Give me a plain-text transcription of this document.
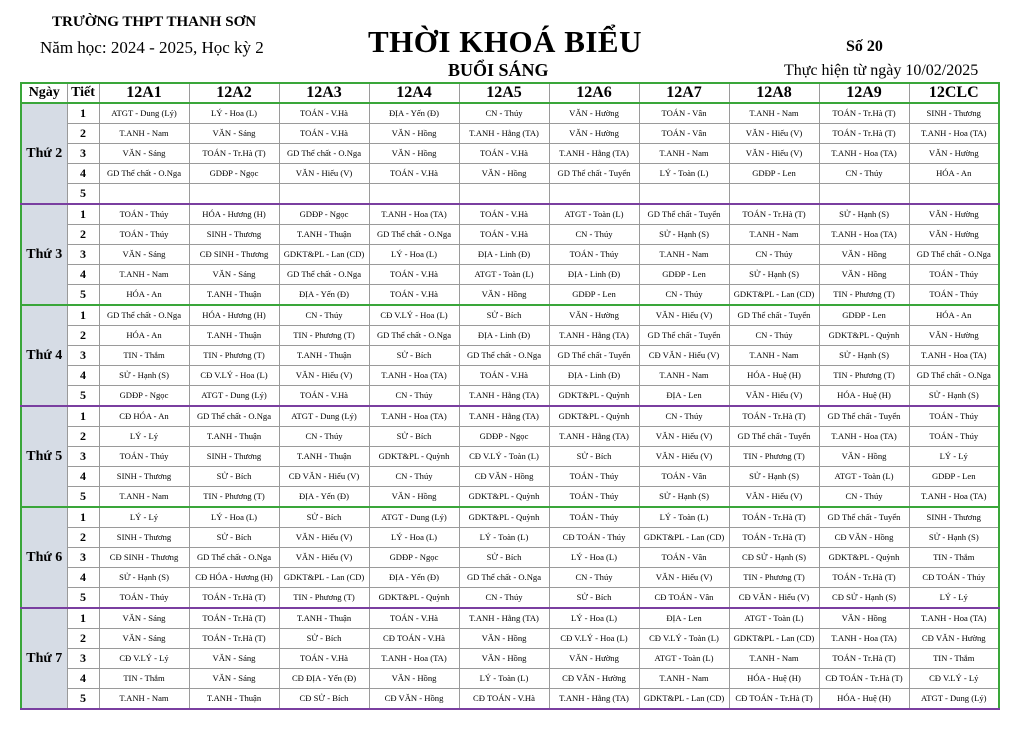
TRƯỜNG THPT THANH SƠN
Năm học: 2024 - 2025, Học kỳ 2	THỜI KHOÁ BIỂU
BUỔI SÁNG
Số 20
Thực hiện từ ngày 10/02/2025
Ngày	Tiết	12A1	12A2	12A3	12A4	12A5	12A6	12A7	12A8	12A9	12CLC
Thứ 2	1	ATGT - Dung (Lý)	LÝ - Hoa (L)	TOÁN - V.Hà	ĐỊA - Yến (Đ)	CN - Thúy	VĂN - Hường	TOÁN - Vân	T.ANH - Nam	TOÁN - Tr.Hà (T)	SINH - Thương
	2	T.ANH - Nam	VĂN - Sáng	TOÁN - V.Hà	VĂN - Hồng	T.ANH - Hằng (TA)	VĂN - Hường	TOÁN - Vân	VĂN - Hiếu (V)	TOÁN - Tr.Hà (T)	T.ANH - Hoa (TA)
	3	VĂN - Sáng	TOÁN - Tr.Hà (T)	GD Thể chất - O.Nga	VĂN - Hồng	TOÁN - V.Hà	T.ANH - Hằng (TA)	T.ANH - Nam	VĂN - Hiếu (V)	T.ANH - Hoa (TA)	VĂN - Hường
	4	GD Thể chất - O.Nga	GDĐP - Ngọc	VĂN - Hiếu (V)	TOÁN - V.Hà	VĂN - Hồng	GD Thể chất - Tuyển	LÝ - Toàn (L)	GDĐP - Len	CN - Thúy	HÓA - An
	5										
Thứ 3	1	TOÁN - Thúy	HÓA - Hương (H)	GDĐP - Ngọc	T.ANH - Hoa (TA)	TOÁN - V.Hà	ATGT - Toàn (L)	GD Thể chất - Tuyển	TOÁN - Tr.Hà (T)	SỬ - Hạnh (S)	VĂN - Hường
	2	TOÁN - Thúy	SINH - Thương	T.ANH - Thuận	GD Thể chất - O.Nga	TOÁN - V.Hà	CN - Thúy	SỬ - Hạnh (S)	T.ANH - Nam	T.ANH - Hoa (TA)	VĂN - Hường
	3	VĂN - Sáng	CĐ SINH - Thương	GDKT&PL - Lan (CD)	LÝ - Hoa (L)	ĐỊA - Linh (Đ)	TOÁN - Thúy	T.ANH - Nam	CN - Thúy	VĂN - Hồng	GD Thể chất - O.Nga
	4	T.ANH - Nam	VĂN - Sáng	GD Thể chất - O.Nga	TOÁN - V.Hà	ATGT - Toàn (L)	ĐỊA - Linh (Đ)	GDĐP - Len	SỬ - Hạnh (S)	VĂN - Hồng	TOÁN - Thúy
	5	HÓA - An	T.ANH - Thuận	ĐỊA - Yến (Đ)	TOÁN - V.Hà	VĂN - Hồng	GDĐP - Len	CN - Thúy	GDKT&PL - Lan (CD)	TIN - Phương (T)	TOÁN - Thúy
Thứ 4	1	GD Thể chất - O.Nga	HÓA - Hương (H)	CN - Thúy	CĐ V.LÝ - Hoa (L)	SỬ - Bích	VĂN - Hường	VĂN - Hiếu (V)	GD Thể chất - Tuyển	GDĐP - Len	HÓA - An
	2	HÓA - An	T.ANH - Thuận	TIN - Phương (T)	GD Thể chất - O.Nga	ĐỊA - Linh (Đ)	T.ANH - Hằng (TA)	GD Thể chất - Tuyển	CN - Thúy	GDKT&PL - Quỳnh	VĂN - Hường
	3	TIN - Thắm	TIN - Phương (T)	T.ANH - Thuận	SỬ - Bích	GD Thể chất - O.Nga	GD Thể chất - Tuyển	CĐ VĂN - Hiếu (V)	T.ANH - Nam	SỬ - Hạnh (S)	T.ANH - Hoa (TA)
	4	SỬ - Hạnh (S)	CĐ V.LÝ - Hoa (L)	VĂN - Hiếu (V)	T.ANH - Hoa (TA)	TOÁN - V.Hà	ĐỊA - Linh (Đ)	T.ANH - Nam	HÓA - Huệ (H)	TIN - Phương (T)	GD Thể chất - O.Nga
	5	GDĐP - Ngọc	ATGT - Dung (Lý)	TOÁN - V.Hà	CN - Thúy	T.ANH - Hằng (TA)	GDKT&PL - Quỳnh	ĐỊA - Len	VĂN - Hiếu (V)	HÓA - Huệ (H)	SỬ - Hạnh (S)
Thứ 5	1	CĐ HÓA - An	GD Thể chất - O.Nga	ATGT - Dung (Lý)	T.ANH - Hoa (TA)	T.ANH - Hằng (TA)	GDKT&PL - Quỳnh	CN - Thúy	TOÁN - Tr.Hà (T)	GD Thể chất - Tuyển	TOÁN - Thúy
	2	LÝ - Lý	T.ANH - Thuận	CN - Thúy	SỬ - Bích	GDĐP - Ngọc	T.ANH - Hằng (TA)	VĂN - Hiếu (V)	GD Thể chất - Tuyển	T.ANH - Hoa (TA)	TOÁN - Thúy
	3	TOÁN - Thúy	SINH - Thương	T.ANH - Thuận	GDKT&PL - Quỳnh	CĐ V.LÝ - Toàn (L)	SỬ - Bích	VĂN - Hiếu (V)	TIN - Phương (T)	VĂN - Hồng	LÝ - Lý
	4	SINH - Thương	SỬ - Bích	CĐ VĂN - Hiếu (V)	CN - Thúy	CĐ VĂN - Hồng	TOÁN - Thúy	TOÁN - Vân	SỬ - Hạnh (S)	ATGT - Toàn (L)	GDĐP - Len
	5	T.ANH - Nam	TIN - Phương (T)	ĐỊA - Yến (Đ)	VĂN - Hồng	GDKT&PL - Quỳnh	TOÁN - Thúy	SỬ - Hạnh (S)	VĂN - Hiếu (V)	CN - Thúy	T.ANH - Hoa (TA)
Thứ 6	1	LÝ - Lý	LÝ - Hoa (L)	SỬ - Bích	ATGT - Dung (Lý)	GDKT&PL - Quỳnh	TOÁN - Thúy	LÝ - Toàn (L)	TOÁN - Tr.Hà (T)	GD Thể chất - Tuyển	SINH - Thương
	2	SINH - Thương	SỬ - Bích	VĂN - Hiếu (V)	LÝ - Hoa (L)	LÝ - Toàn (L)	CĐ TOÁN - Thúy	GDKT&PL - Lan (CD)	TOÁN - Tr.Hà (T)	CĐ VĂN - Hồng	SỬ - Hạnh (S)
	3	CĐ SINH - Thương	GD Thể chất - O.Nga	VĂN - Hiếu (V)	GDĐP - Ngọc	SỬ - Bích	LÝ - Hoa (L)	TOÁN - Vân	CĐ SỬ - Hạnh (S)	GDKT&PL - Quỳnh	TIN - Thắm
	4	SỬ - Hạnh (S)	CĐ HÓA - Hương (H)	GDKT&PL - Lan (CD)	ĐỊA - Yến (Đ)	GD Thể chất - O.Nga	CN - Thúy	VĂN - Hiếu (V)	TIN - Phương (T)	TOÁN - Tr.Hà (T)	CĐ TOÁN - Thúy
	5	TOÁN - Thúy	TOÁN - Tr.Hà (T)	TIN - Phương (T)	GDKT&PL - Quỳnh	CN - Thúy	SỬ - Bích	CĐ TOÁN - Vân	CĐ VĂN - Hiếu (V)	CĐ SỬ - Hạnh (S)	LÝ - Lý
Thứ 7	1	VĂN - Sáng	TOÁN - Tr.Hà (T)	T.ANH - Thuận	TOÁN - V.Hà	T.ANH - Hằng (TA)	LÝ - Hoa (L)	ĐỊA - Len	ATGT - Toàn (L)	VĂN - Hồng	T.ANH - Hoa (TA)
	2	VĂN - Sáng	TOÁN - Tr.Hà (T)	SỬ - Bích	CĐ TOÁN - V.Hà	VĂN - Hồng	CĐ V.LÝ - Hoa (L)	CĐ V.LÝ - Toàn (L)	GDKT&PL - Lan (CD)	T.ANH - Hoa (TA)	CĐ VĂN - Hường
	3	CĐ V.LÝ - Lý	VĂN - Sáng	TOÁN - V.Hà	T.ANH - Hoa (TA)	VĂN - Hồng	VĂN - Hường	ATGT - Toàn (L)	T.ANH - Nam	TOÁN - Tr.Hà (T)	TIN - Thắm
	4	TIN - Thắm	VĂN - Sáng	CĐ ĐỊA - Yến (Đ)	VĂN - Hồng	LÝ - Toàn (L)	CĐ VĂN - Hường	T.ANH - Nam	HÓA - Huệ (H)	CĐ TOÁN - Tr.Hà (T)	CĐ V.LÝ - Lý
	5	T.ANH - Nam	T.ANH - Thuận	CĐ SỬ - Bích	CĐ VĂN - Hồng	CĐ TOÁN - V.Hà	T.ANH - Hằng (TA)	GDKT&PL - Lan (CD)	CĐ TOÁN - Tr.Hà (T)	HÓA - Huệ (H)	ATGT - Dung (Lý)
